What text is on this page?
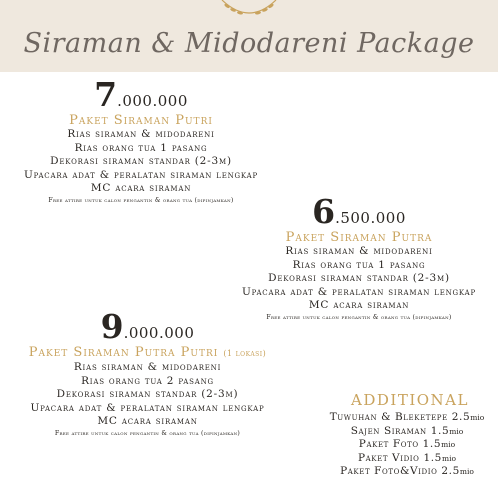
Siraman & Midodareni Package
7.000.000
Paket Siraman Putri
Rias siraman & midodareni
Rias orang tua 1 pasang
Dekorasi siraman standar (2-3m)
Upacara adat & peralatan siraman lengkap
MC acara siraman
Free attire untuk calon pengantin & orang tua (dipinjamkan)	6.500.000
Paket Siraman Putra
Rias siraman & midodareni
Rias orang tua 1 pasang
Dekorasi siraman standar (2-3m)
Upacara adat & peralatan siraman lengkap
MC acara siraman
Free attire untuk calon pengantin & orang tua (dipinjamkan)
9.000.000
Paket Siraman Putra Putri (1 lokasi)
Rias siraman & midodareni
Rias orang tua 2 pasang
Dekorasi siraman standar (2-3m)
Upacara adat & peralatan siraman lengkap
MC acara siraman
Free attire untuk calon pengantin & orang tua (dipinjamkan)
ADDITIONAL
Tuwuhan & Bleketepe 2.5mio
Sajen Siraman 1.5mio
Paket Foto 1.5mio
Paket Vidio 1.5mio
Paket Foto&Vidio 2.5mio
